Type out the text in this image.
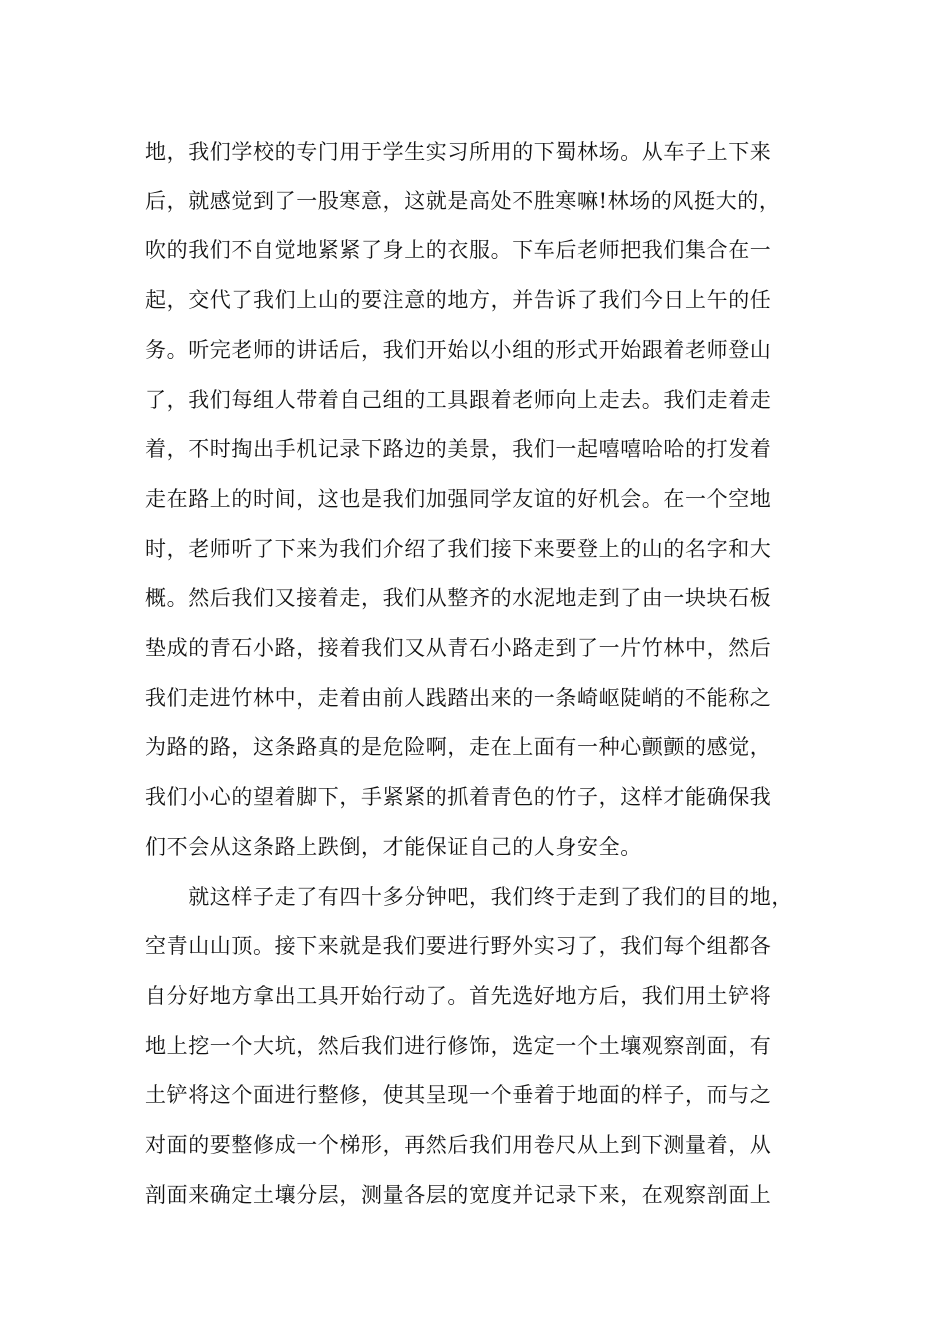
地，我们学校的专门用于学生实习所用的下蜀林场。从车子上下来
后，就感觉到了一股寒意，这就是高处不胜寒嘛!林场的风挺大的，
吹的我们不自觉地紧紧了身上的衣服。下车后老师把我们集合在一
起，交代了我们上山的要注意的地方，并告诉了我们今日上午的任
务。听完老师的讲话后，我们开始以小组的形式开始跟着老师登山
了，我们每组人带着自己组的工具跟着老师向上走去。我们走着走
着，不时掏出手机记录下路边的美景，我们一起嘻嘻哈哈的打发着
走在路上的时间，这也是我们加强同学友谊的好机会。在一个空地
时，老师听了下来为我们介绍了我们接下来要登上的山的名字和大
概。然后我们又接着走，我们从整齐的水泥地走到了由一块块石板
垫成的青石小路，接着我们又从青石小路走到了一片竹林中，然后
我们走进竹林中，走着由前人践踏出来的一条崎岖陡峭的不能称之
为路的路，这条路真的是危险啊，走在上面有一种心颤颤的感觉，
我们小心的望着脚下，手紧紧的抓着青色的竹子，这样才能确保我
们不会从这条路上跌倒，才能保证自己的人身安全。
　　就这样子走了有四十多分钟吧，我们终于走到了我们的目的地，
空青山山顶。接下来就是我们要进行野外实习了，我们每个组都各
自分好地方拿出工具开始行动了。首先选好地方后，我们用土铲将
地上挖一个大坑，然后我们进行修饰，选定一个土壤观察剖面，有
土铲将这个面进行整修，使其呈现一个垂着于地面的样子，而与之
对面的要整修成一个梯形，再然后我们用卷尺从上到下测量着，从
剖面来确定土壤分层，测量各层的宽度并记录下来，在观察剖面上
